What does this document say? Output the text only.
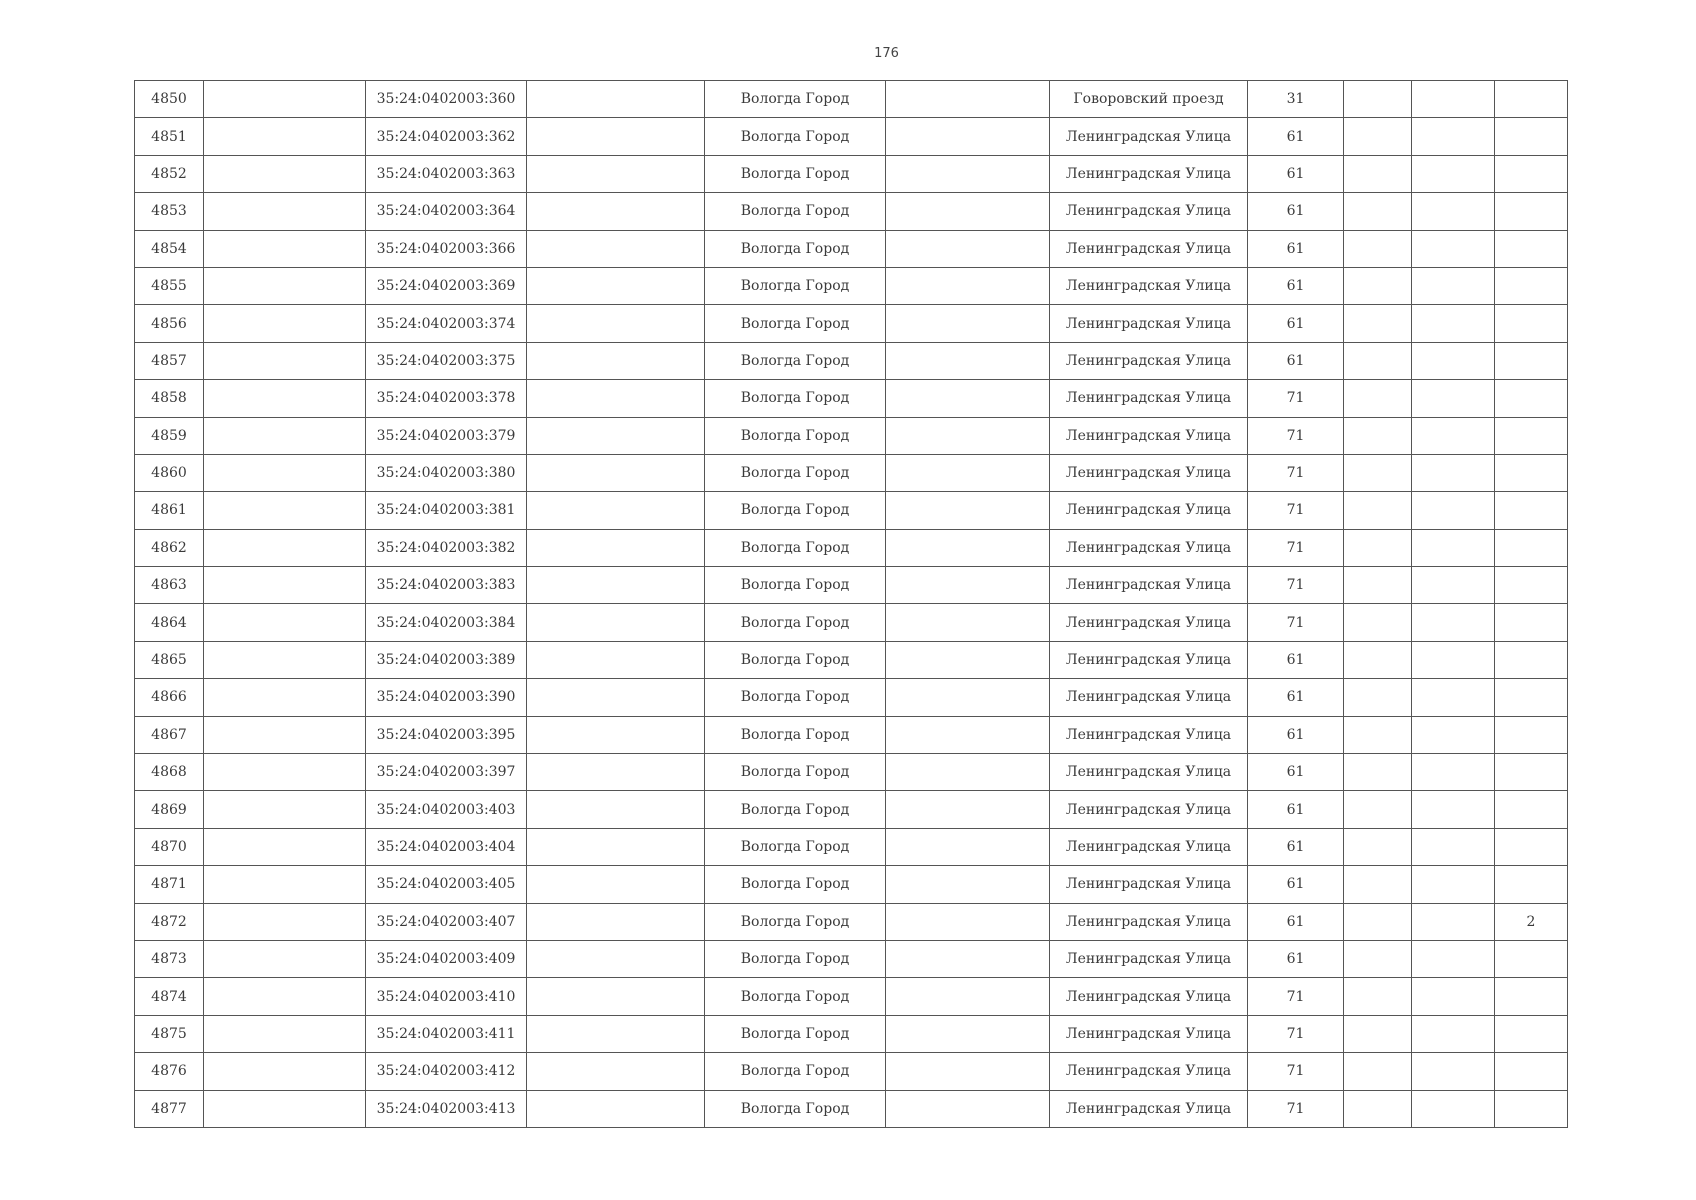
176
4850		35:24:0402003:360		Вологда Город		Говоровский проезд	31			
4851		35:24:0402003:362		Вологда Город		Ленинградская Улица	61			
4852		35:24:0402003:363		Вологда Город		Ленинградская Улица	61			
4853		35:24:0402003:364		Вологда Город		Ленинградская Улица	61			
4854		35:24:0402003:366		Вологда Город		Ленинградская Улица	61			
4855		35:24:0402003:369		Вологда Город		Ленинградская Улица	61			
4856		35:24:0402003:374		Вологда Город		Ленинградская Улица	61			
4857		35:24:0402003:375		Вологда Город		Ленинградская Улица	61			
4858		35:24:0402003:378		Вологда Город		Ленинградская Улица	71			
4859		35:24:0402003:379		Вологда Город		Ленинградская Улица	71			
4860		35:24:0402003:380		Вологда Город		Ленинградская Улица	71			
4861		35:24:0402003:381		Вологда Город		Ленинградская Улица	71			
4862		35:24:0402003:382		Вологда Город		Ленинградская Улица	71			
4863		35:24:0402003:383		Вологда Город		Ленинградская Улица	71			
4864		35:24:0402003:384		Вологда Город		Ленинградская Улица	71			
4865		35:24:0402003:389		Вологда Город		Ленинградская Улица	61			
4866		35:24:0402003:390		Вологда Город		Ленинградская Улица	61			
4867		35:24:0402003:395		Вологда Город		Ленинградская Улица	61			
4868		35:24:0402003:397		Вологда Город		Ленинградская Улица	61			
4869		35:24:0402003:403		Вологда Город		Ленинградская Улица	61			
4870		35:24:0402003:404		Вологда Город		Ленинградская Улица	61			
4871		35:24:0402003:405		Вологда Город		Ленинградская Улица	61			
4872		35:24:0402003:407		Вологда Город		Ленинградская Улица	61			2
4873		35:24:0402003:409		Вологда Город		Ленинградская Улица	61			
4874		35:24:0402003:410		Вологда Город		Ленинградская Улица	71			
4875		35:24:0402003:411		Вологда Город		Ленинградская Улица	71			
4876		35:24:0402003:412		Вологда Город		Ленинградская Улица	71			
4877		35:24:0402003:413		Вологда Город		Ленинградская Улица	71			
